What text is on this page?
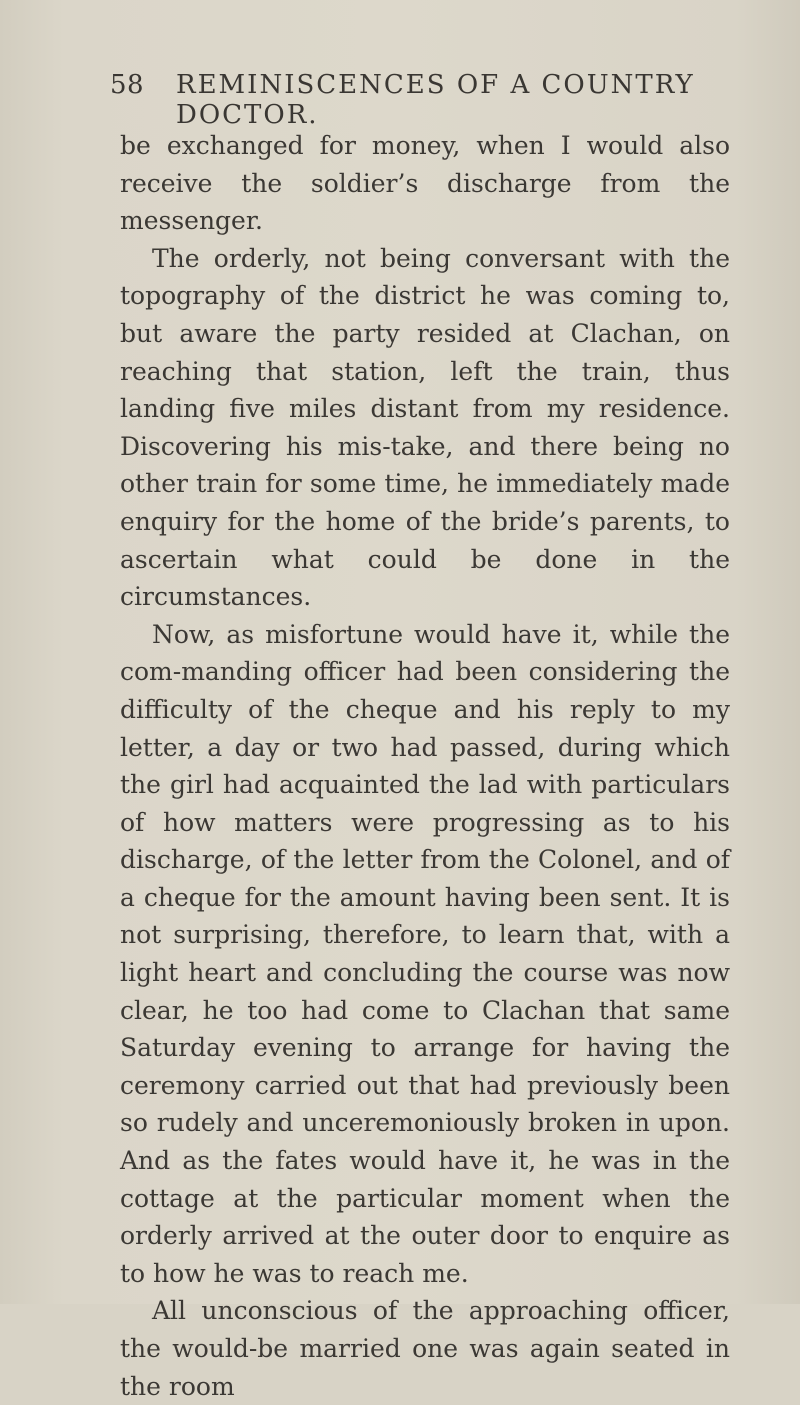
58 REMINISCENCES OF A COUNTRY DOCTOR.

be exchanged for money, when I would also receive the soldier’s discharge from the messenger.

The orderly, not being conversant with the topography of the district he was coming to, but aware the party resided at Clachan, on reaching that station, left the train, thus landing five miles distant from my residence. Discovering his mis-take, and there being no other train for some time, he immediately made enquiry for the home of the bride’s parents, to ascertain what could be done in the circumstances.

Now, as misfortune would have it, while the com-manding officer had been considering the difficulty of the cheque and his reply to my letter, a day or two had passed, during which the girl had acquainted the lad with particulars of how matters were progressing as to his discharge, of the letter from the Colonel, and of a cheque for the amount having been sent. It is not surprising, therefore, to learn that, with a light heart and concluding the course was now clear, he too had come to Clachan that same Saturday evening to arrange for having the ceremony carried out that had previously been so rudely and unceremoniously broken in upon. And as the fates would have it, he was in the cottage at the particular moment when the orderly arrived at the outer door to enquire as to how he was to reach me.

All unconscious of the approaching officer, the would-be married one was again seated in the room
